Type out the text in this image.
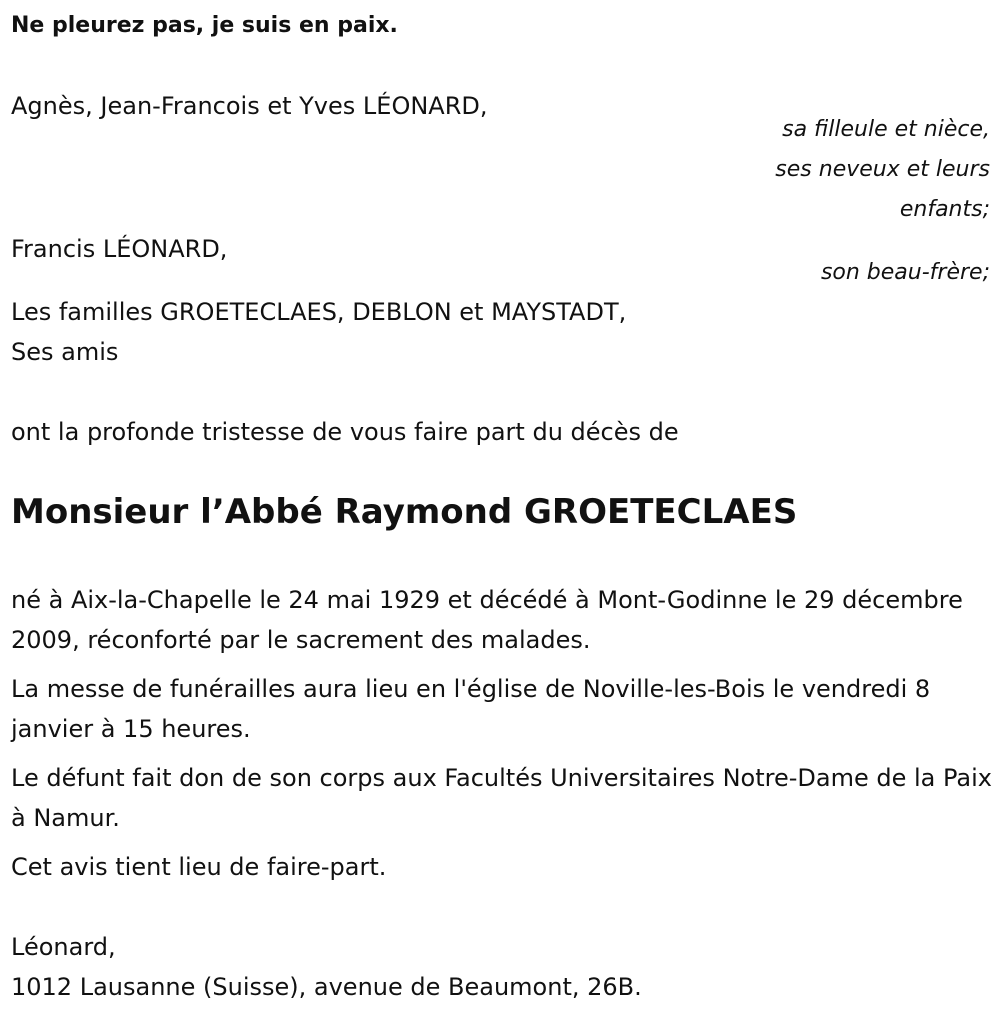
Ne pleurez pas, je suis en paix.
Agnès, Jean-Francois et Yves LÉONARD,
sa filleule et nièce,
ses neveux et leurs
enfants;
Francis LÉONARD,
son beau-frère;
Les familles GROETECLAES, DEBLON et MAYSTADT,
Ses amis
ont la profonde tristesse de vous faire part du décès de
Monsieur l’Abbé Raymond GROETECLAES
né à Aix-la-Chapelle le 24 mai 1929 et décédé à Mont-Godinne le 29 décembre 2009, réconforté par le sacrement des malades.
La messe de funérailles aura lieu en l'église de Noville-les-Bois le vendredi 8 janvier à 15 heures.
Le défunt fait don de son corps aux Facultés Universitaires Notre-Dame de la Paix à Namur.
Cet avis tient lieu de faire-part.
Léonard,
1012 Lausanne (Suisse), avenue de Beaumont, 26B.
